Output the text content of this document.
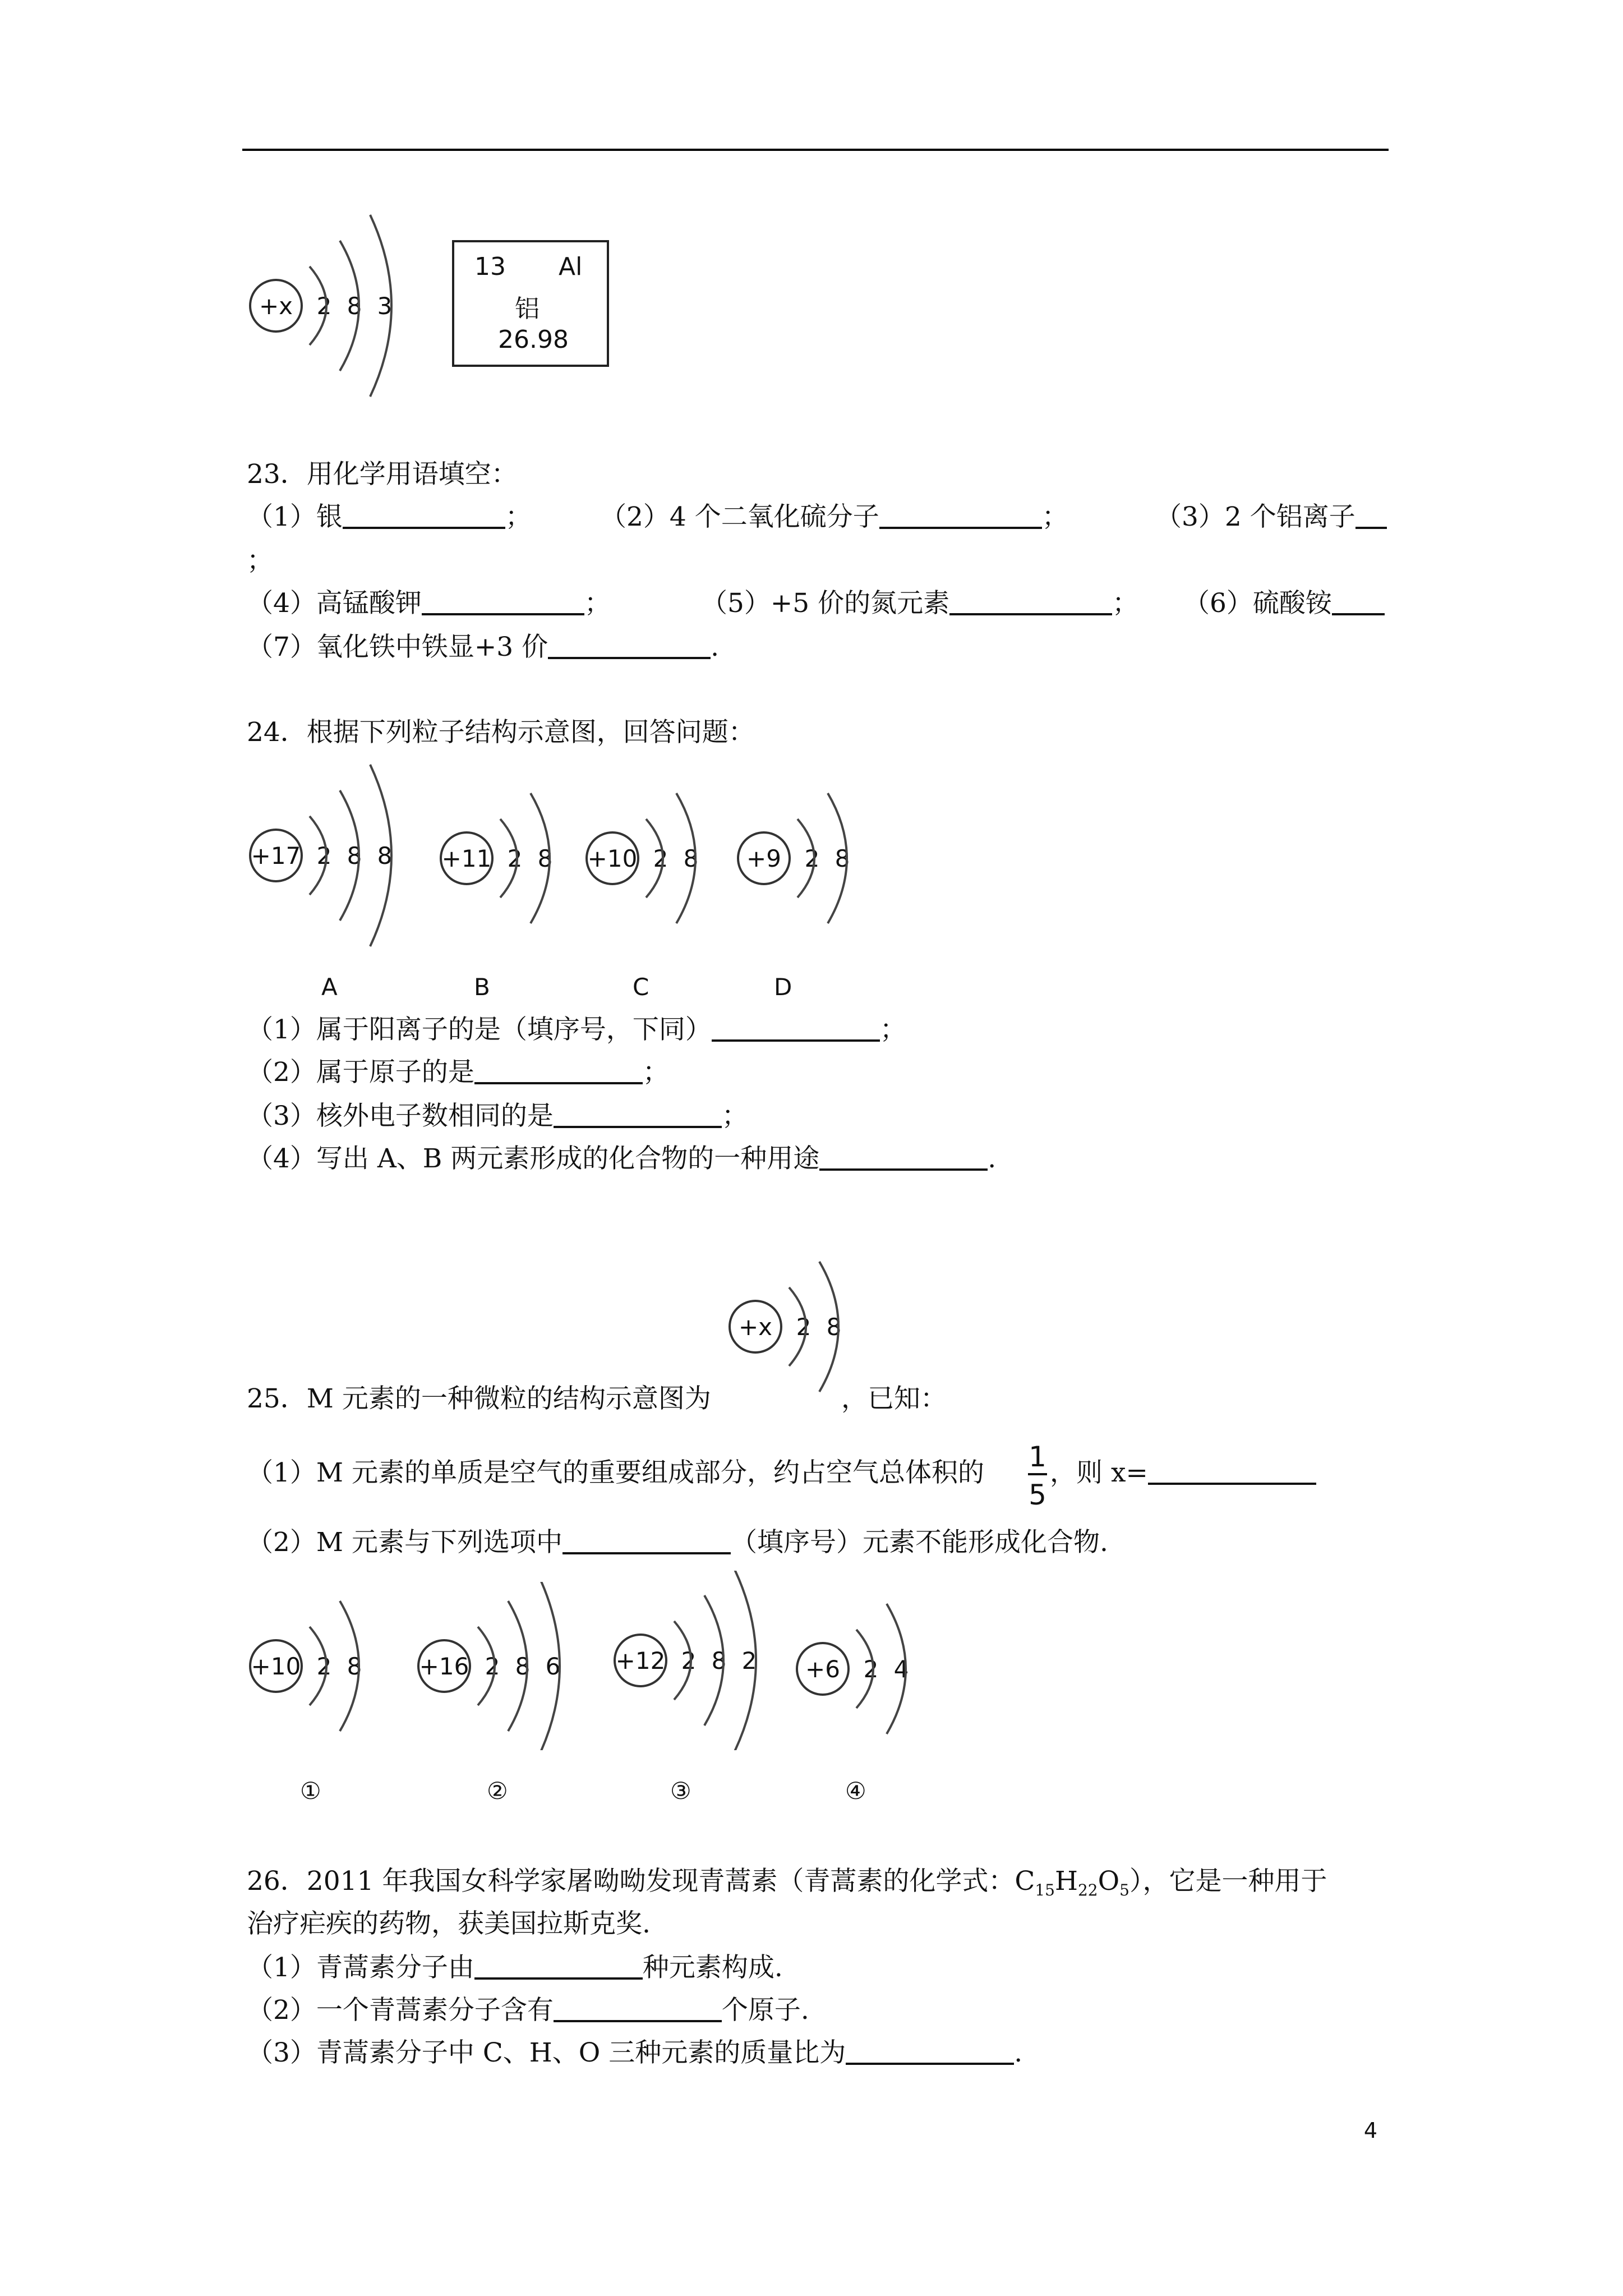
+x 2 8 3
13 Al
铝
26.98
23．用化学用语填空：
（1）银	；	（2）4 个二氧化硫分子	；	（3）2 个铝离子
；
（4）高锰酸钾	；	（5）+5 价的氮元素	； （6）硫酸铵
（7）氧化铁中铁显+3 价	.
24．根据下列粒子结构示意图，回答问题：
+17 2 8 8 +11 2 8 +10 2 8 +9 2 8
A	B	C	D
（1）属于阳离子的是（填序号，下同）	；
（2）属于原子的是	；
（3）核外电子数相同的是	；
（4）写出 A、B 两元素形成的化合物的一种用途	.
+x 2 8
25．M 元素的一种微粒的结构示意图为	，已知：
（1）M 元素的单质是空气的重要组成部分，约占空气总体积的 1
5
，则 x=
（2）M 元素与下列选项中	（填序号）元素不能形成化合物.
+10 2 8 +16 2 8 6 +12 2 8 2 +6 2 4
①	②	③	④
26．2011 年我国女科学家屠呦呦发现青蒿素（青蒿素的化学式：$C_{15}H_{22}O_5$），它是一种用于
治疗疟疾的药物，获美国拉斯克奖.
（1）青蒿素分子由	种元素构成.
（2）一个青蒿素分子含有	个原子.
（3）青蒿素分子中 C、H、O 三种元素的质量比为	.
4
